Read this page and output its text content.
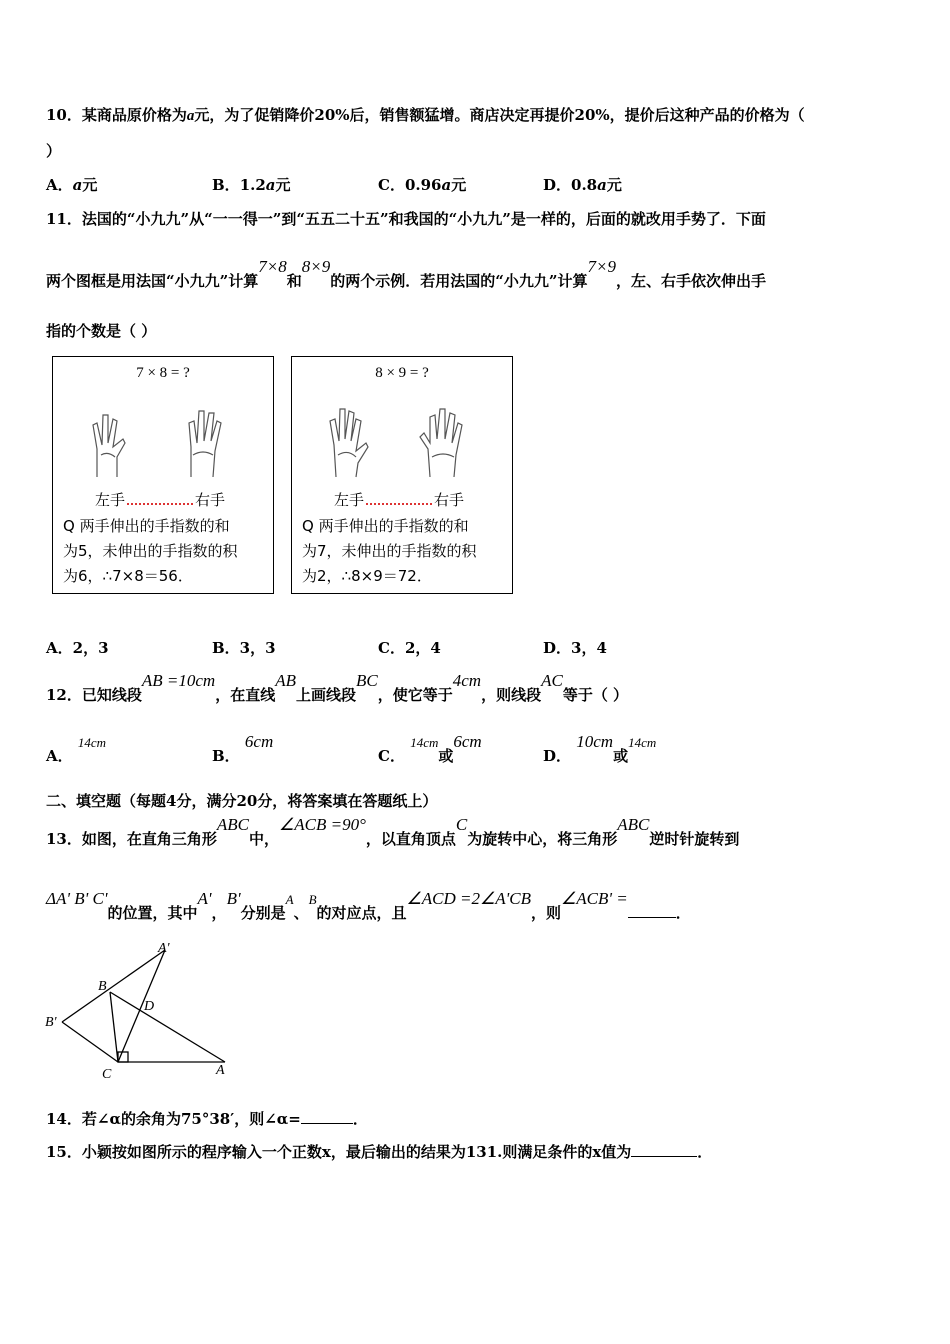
10．某商品原价格为a元，为了促销降价20%后，销售额猛增。商店决定再提价20%，提价后这种产品的价格为（
）
A．a元	B．1.2a元	C．0.96a元	D．0.8a元
11．法国的“小九九”从“一一得一”到“五五二十五”和我国的“小九九”是一样的，后面的就改用手势了．下面
两个图框是用法国“小九九”计算7×8和8×9的两个示例．若用法国的“小九九”计算7×9，左、右手依次伸出手
指的个数是（ ）
7 × 8 = ?
左手	右手
Q 两手伸出的手指数的和
为5，未伸出的手指数的积
为6，∴7×8＝56．
8 × 9 = ?
左手	右手
Q 两手伸出的手指数的和
为7，未伸出的手指数的积
为2，∴8×9＝72．
A．2，3	B．3，3	C．2，4	D．3，4
12．已知线段AB =10cm，在直线AB上画线段BC，使它等于4cm，则线段AC等于（ ）
A． 14cm
B． 6cm
C． 14cm或6cm
D． 10cm或14cm
二、填空题（每题4分，满分20分，将答案填在答题纸上）
13．如图，在直角三角形ABC中，∠ACB =90°，以直角顶点C为旋转中心，将三角形ABC逆时针旋转到
ΔA' B' C'的位置，其中A'，B'分别是A、B的对应点，且∠ACD =2∠A'CB，则∠ACB' =．
A'
B
B'
D
C	A
14．若∠α的余角为75°38′，则∠α=	．
15．小颖按如图所示的程序输入一个正数x，最后输出的结果为131.则满足条件的x值为	．
